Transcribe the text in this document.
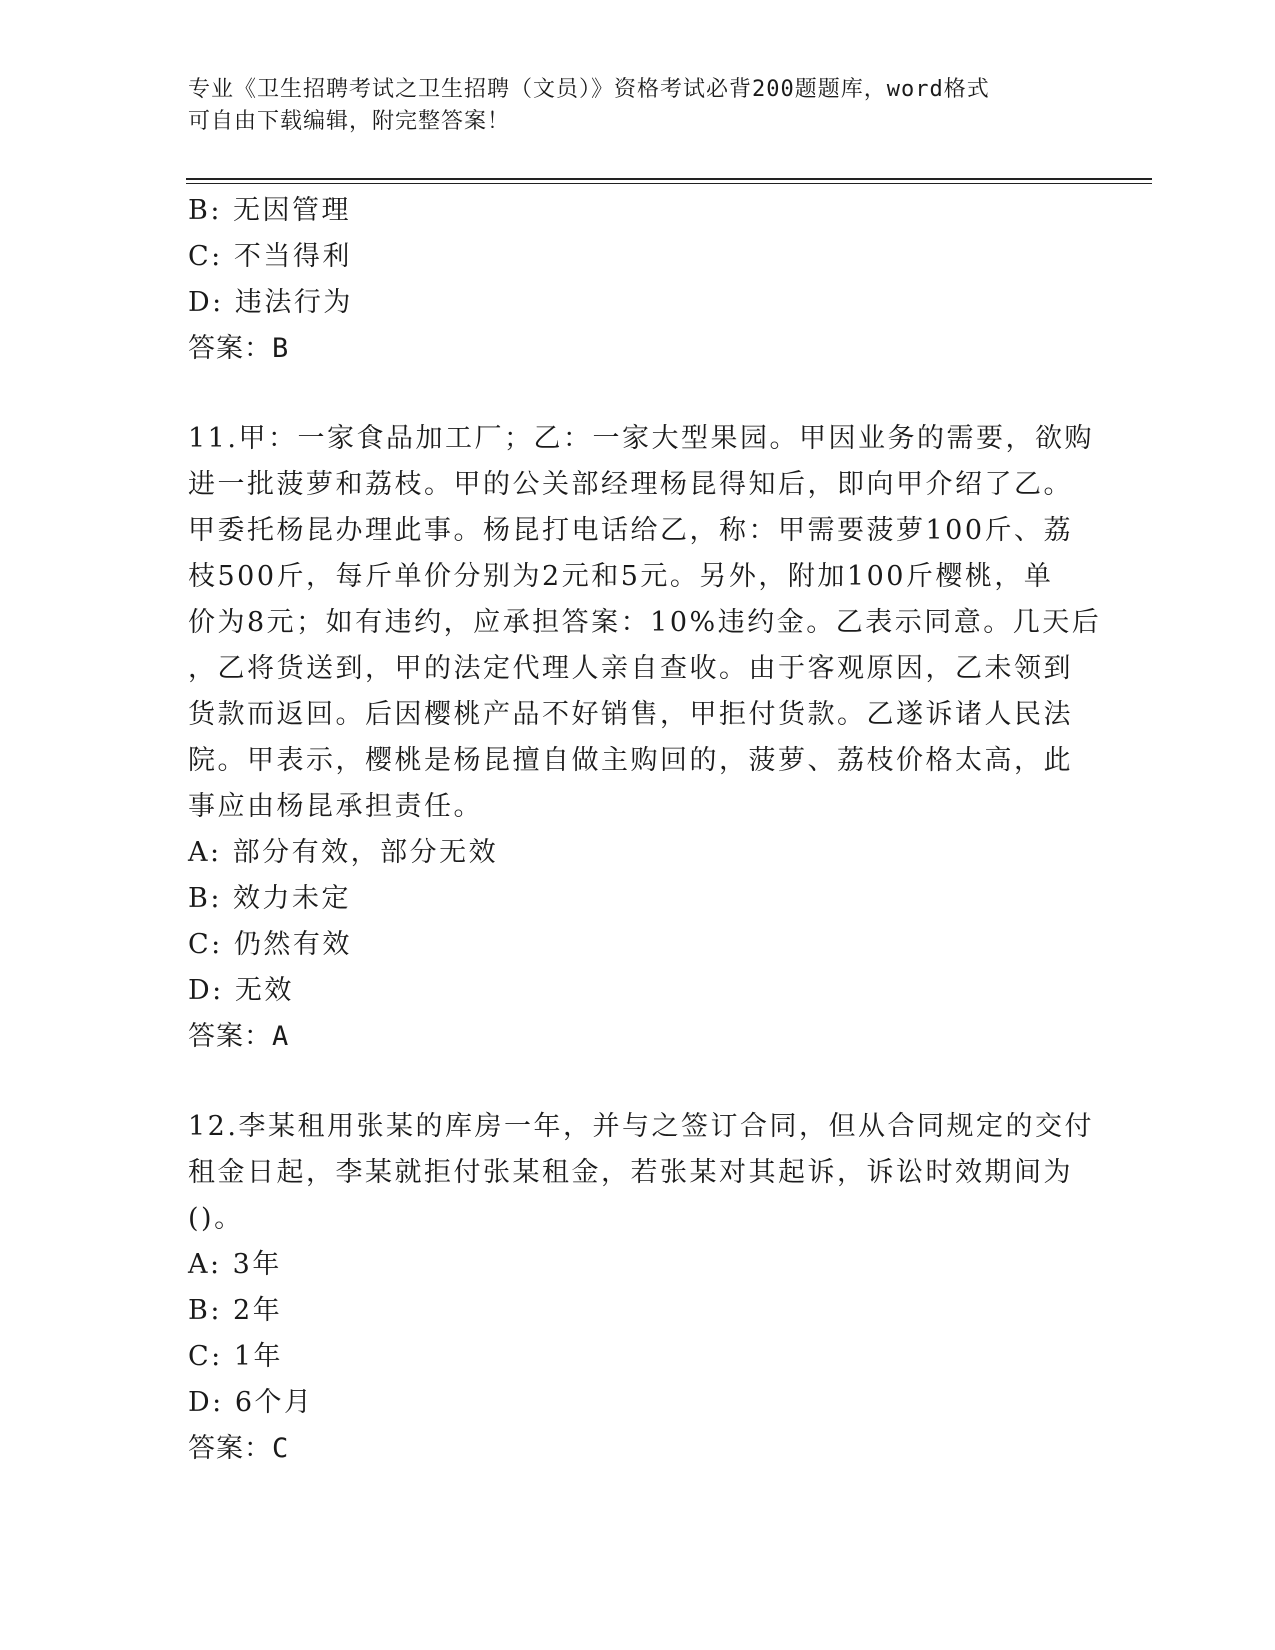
专业《卫生招聘考试之卫生招聘（文员）》资格考试必背200题题库，word格式
可自由下载编辑，附完整答案！
B: 无因管理
C: 不当得利
D: 违法行为
答案：B
11.甲：一家食品加工厂；乙：一家大型果园。甲因业务的需要，欲购
进一批菠萝和荔枝。甲的公关部经理杨昆得知后，即向甲介绍了乙。
甲委托杨昆办理此事。杨昆打电话给乙，称：甲需要菠萝100斤、荔
枝500斤，每斤单价分别为2元和5元。另外，附加100斤樱桃，单
价为8元；如有违约，应承担答案：10%违约金。乙表示同意。几天后
，乙将货送到，甲的法定代理人亲自查收。由于客观原因，乙未领到
货款而返回。后因樱桃产品不好销售，甲拒付货款。乙遂诉诸人民法
院。甲表示，樱桃是杨昆擅自做主购回的，菠萝、荔枝价格太高，此
事应由杨昆承担责任。
A: 部分有效，部分无效
B: 效力未定
C: 仍然有效
D: 无效
答案：A
12.李某租用张某的库房一年，并与之签订合同，但从合同规定的交付
租金日起，李某就拒付张某租金，若张某对其起诉，诉讼时效期间为
()。
A: 3年
B: 2年
C: 1年
D: 6个月
答案：C
